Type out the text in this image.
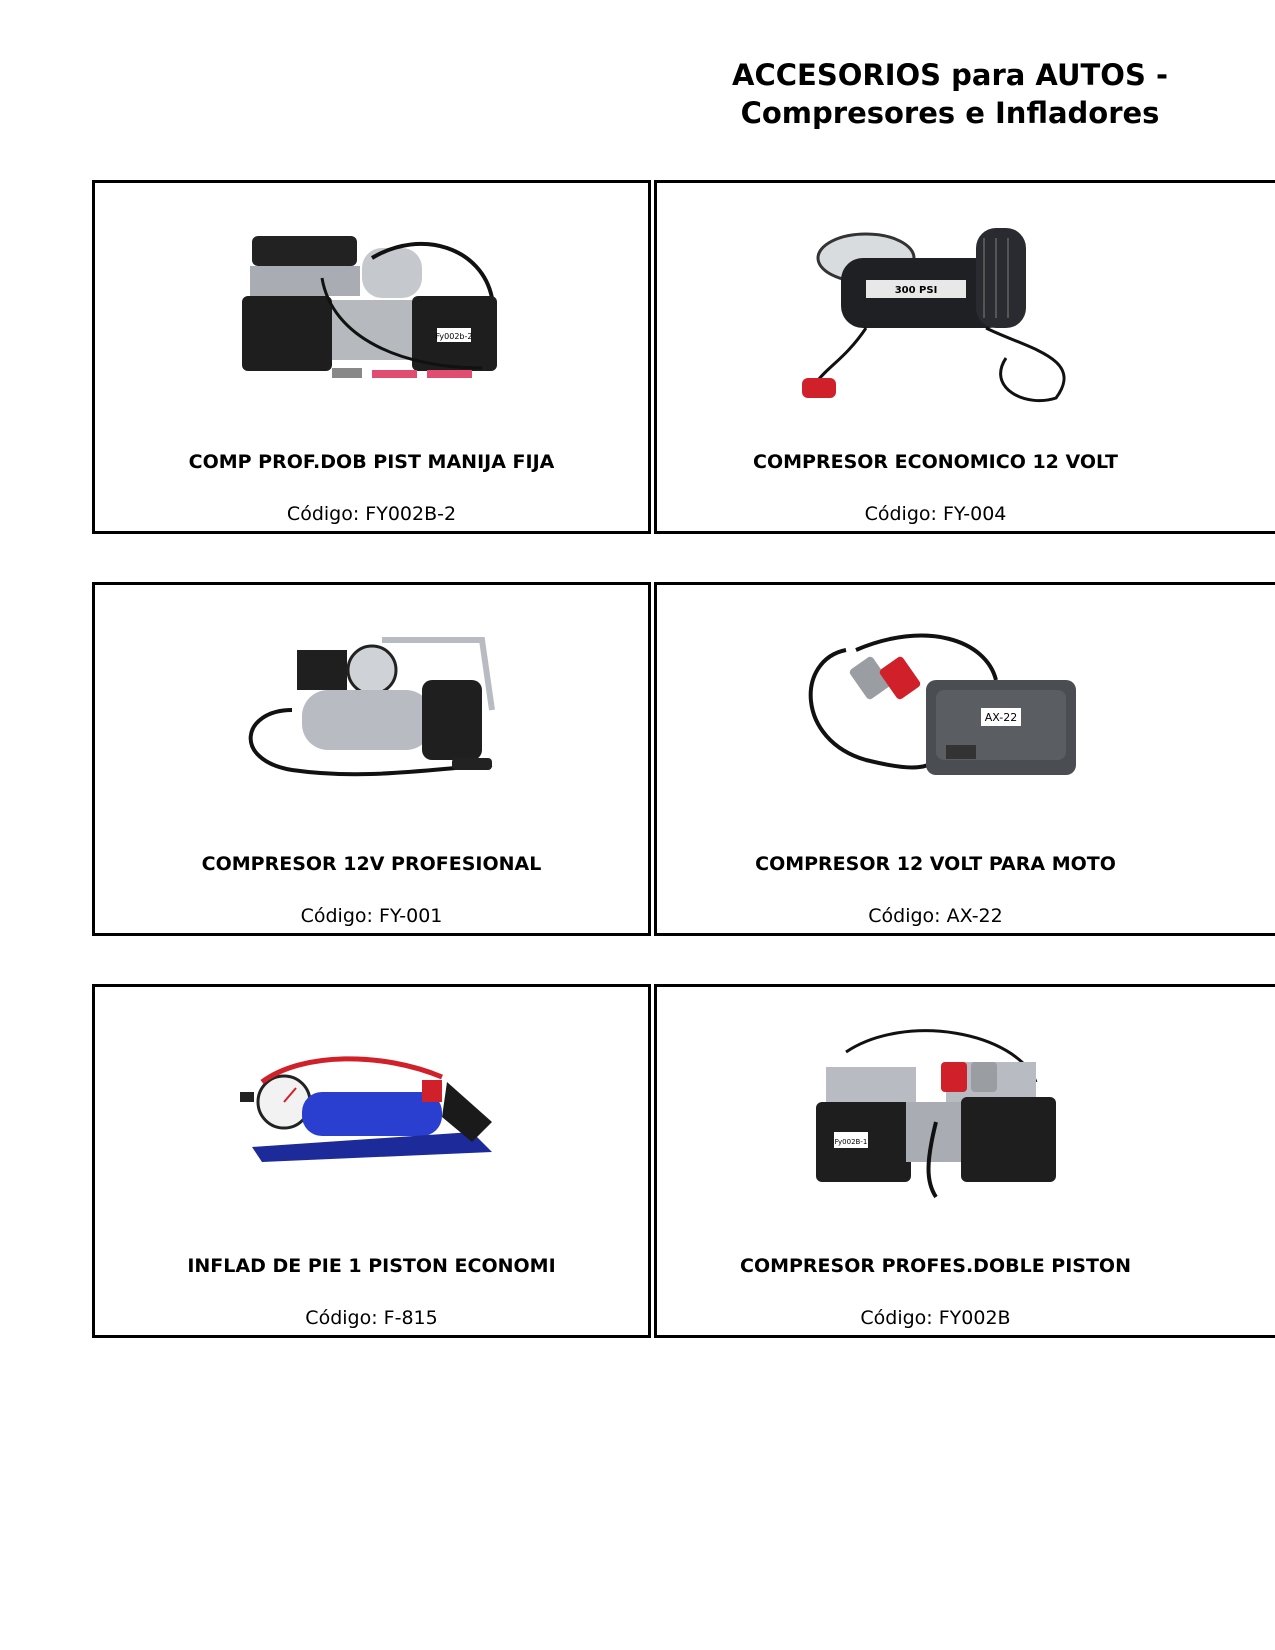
ACCESORIOS para AUTOS -
Compresores e Infladores
Fy002b-2
COMP PROF.DOB PIST MANIJA FIJA
Código: FY002B-2
300 PSI
COMPRESOR ECONOMICO 12 VOLT
Código: FY-004
COMPRESOR 12V PROFESIONAL
Código: FY-001
AX-22
COMPRESOR 12 VOLT PARA MOTO
Código: AX-22
INFLAD DE PIE 1 PISTON ECONOMI
Código: F-815
Fy002B-1
COMPRESOR PROFES.DOBLE PISTON
Código: FY002B
